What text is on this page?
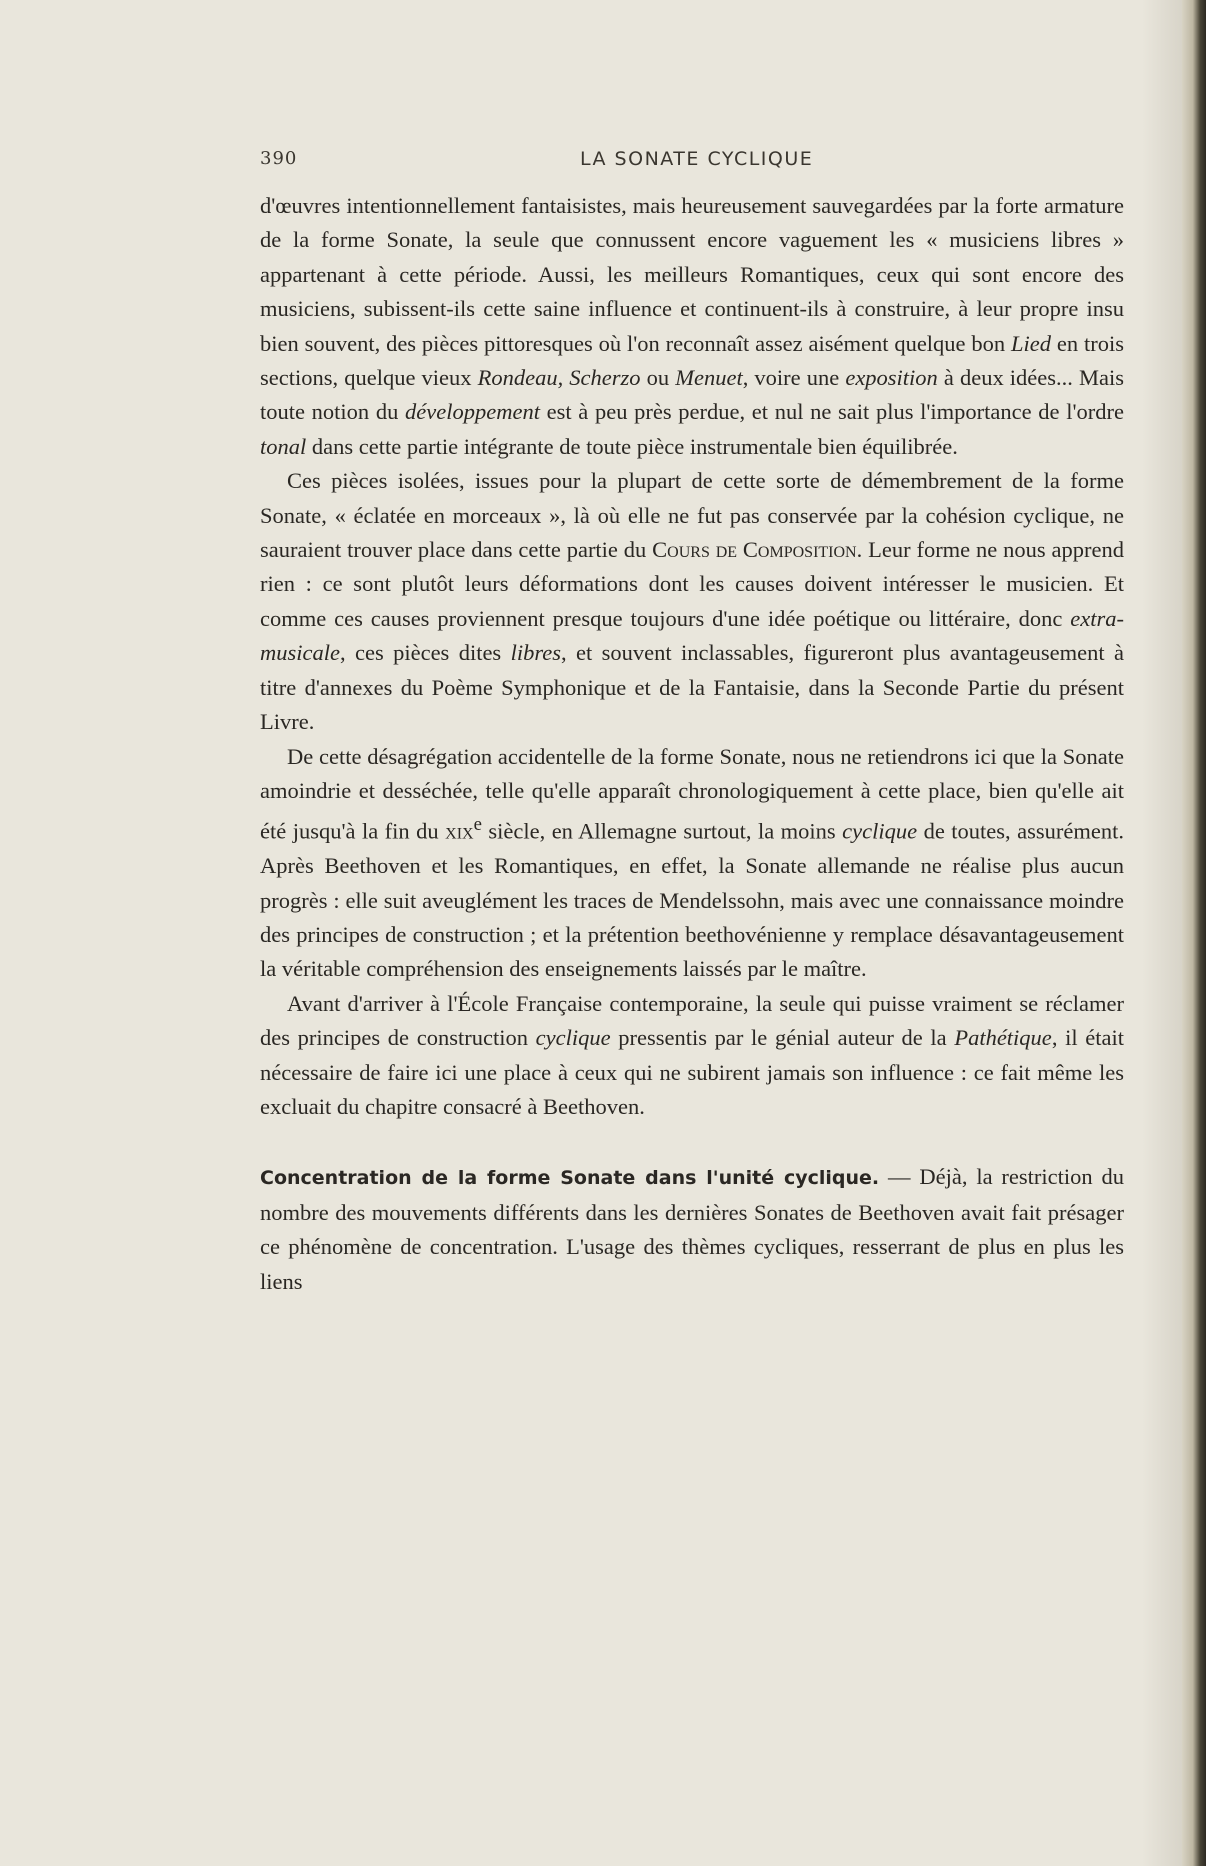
390	LA SONATE CYCLIQUE

d'œuvres intentionnellement fantaisistes, mais heureusement sauvegardées par la forte armature de la forme Sonate, la seule que connussent encore vaguement les « musiciens libres » appartenant à cette période. Aussi, les meilleurs Romantiques, ceux qui sont encore des musiciens, subissent-ils cette saine influence et continuent-ils à construire, à leur propre insu bien souvent, des pièces pittoresques où l'on reconnaît assez aisément quelque bon Lied en trois sections, quelque vieux Rondeau, Scherzo ou Menuet, voire une exposition à deux idées... Mais toute notion du développement est à peu près perdue, et nul ne sait plus l'importance de l'ordre tonal dans cette partie intégrante de toute pièce instrumentale bien équilibrée.

Ces pièces isolées, issues pour la plupart de cette sorte de démembrement de la forme Sonate, « éclatée en morceaux », là où elle ne fut pas conservée par la cohésion cyclique, ne sauraient trouver place dans cette partie du Cours de Composition. Leur forme ne nous apprend rien : ce sont plutôt leurs déformations dont les causes doivent intéresser le musicien. Et comme ces causes proviennent presque toujours d'une idée poétique ou littéraire, donc extra-musicale, ces pièces dites libres, et souvent inclassables, figureront plus avantageusement à titre d'annexes du Poème Symphonique et de la Fantaisie, dans la Seconde Partie du présent Livre.

De cette désagrégation accidentelle de la forme Sonate, nous ne retiendrons ici que la Sonate amoindrie et desséchée, telle qu'elle apparaît chronologiquement à cette place, bien qu'elle ait été jusqu'à la fin du xix$^e$ siècle, en Allemagne surtout, la moins cyclique de toutes, assurément. Après Beethoven et les Romantiques, en effet, la Sonate allemande ne réalise plus aucun progrès : elle suit aveuglément les traces de Mendelssohn, mais avec une connaissance moindre des principes de construction ; et la prétention beethovénienne y remplace désavantageusement la véritable compréhension des enseignements laissés par le maître.

Avant d'arriver à l'École Française contemporaine, la seule qui puisse vraiment se réclamer des principes de construction cyclique pressentis par le génial auteur de la Pathétique, il était nécessaire de faire ici une place à ceux qui ne subirent jamais son influence : ce fait même les excluait du chapitre consacré à Beethoven.

Concentration de la forme Sonate dans l'unité cyclique. — Déjà, la restriction du nombre des mouvements différents dans les dernières Sonates de Beethoven avait fait présager ce phénomène de concentration. L'usage des thèmes cycliques, resserrant de plus en plus les liens
